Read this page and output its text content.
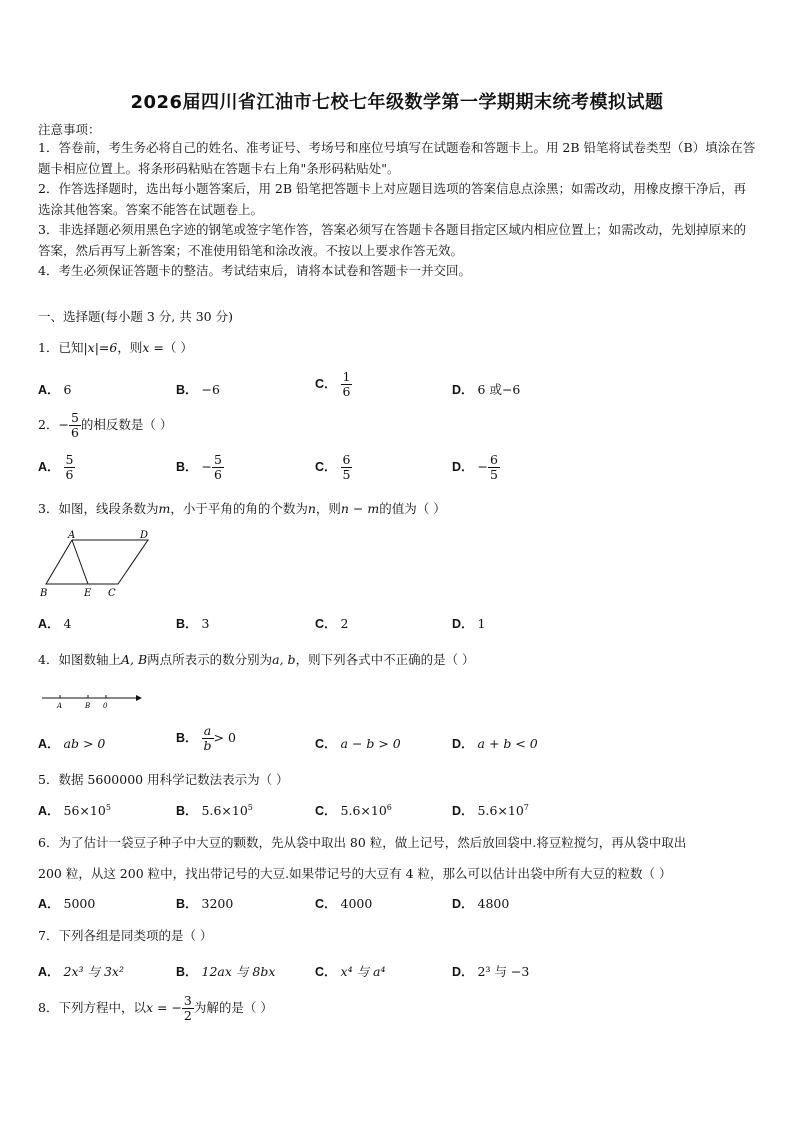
2026届四川省江油市七校七年级数学第一学期期末统考模拟试题
注意事项：
1．答卷前，考生务必将自己的姓名、准考证号、考场号和座位号填写在试题卷和答题卡上。用 2B 铅笔将试卷类型（B）填涂在答题卡相应位置上。将条形码粘贴在答题卡右上角"条形码粘贴处"。
2．作答选择题时，选出每小题答案后，用 2B 铅笔把答题卡上对应题目选项的答案信息点涂黑；如需改动，用橡皮擦干净后，再选涂其他答案。答案不能答在试题卷上。
3．非选择题必须用黑色字迹的钢笔或签字笔作答，答案必须写在答题卡各题目指定区域内相应位置上；如需改动，先划掉原来的答案，然后再写上新答案；不准使用铅笔和涂改液。不按以上要求作答无效。
4．考生必须保证答题卡的整洁。考试结束后，请将本试卷和答题卡一并交回。
一、选择题(每小题 3 分, 共 30 分)
1．已知|x|=6，则x =（ ）
A． 6	B． −6	C． $\frac{1}{6}$	D． 6 或−6
2．− $\frac{5}{6}$ 的相反数是（ ）
A． $\frac{5}{6}$	B． − $\frac{5}{6}$	C． $\frac{6}{5}$	D． − $\frac{6}{5}$
3．如图，线段条数为m，小于平角的角的个数为n，则n − m的值为（ ）
A	D
B	E C
A． 4	B． 3	C． 2	D． 1
4．如图数轴上A, B两点所表示的数分别为a, b，则下列各式中不正确的是（ ）
A	B 0
A． ab > 0	B． $\frac{a}{b} > 0$	C． a − b > 0	D． a + b < 0
5．数据 5600000 用科学记数法表示为（ ）
A． $56\times 10^5$	B． $5.6\times 10^5$	C． $5.6\times 10^6$	D． $5.6\times 10^7$
6．为了估计一袋豆子种子中大豆的颗数，先从袋中取出 80 粒，做上记号，然后放回袋中.将豆粒搅匀，再从袋中取出
200 粒，从这 200 粒中，找出带记号的大豆.如果带记号的大豆有 4 粒，那么可以估计出袋中所有大豆的粒数（ ）
A． 5000	B． 3200	C． 4000	D． 4800
7．下列各组是同类项的是（ ）
A． 2x³ 与 3x²	B． 12ax 与 8bx	C． x⁴ 与 a⁴	D． 2³ 与 −3
8．下列方程中，以x = − $\frac{3}{2}$ 为解的是（ ）
